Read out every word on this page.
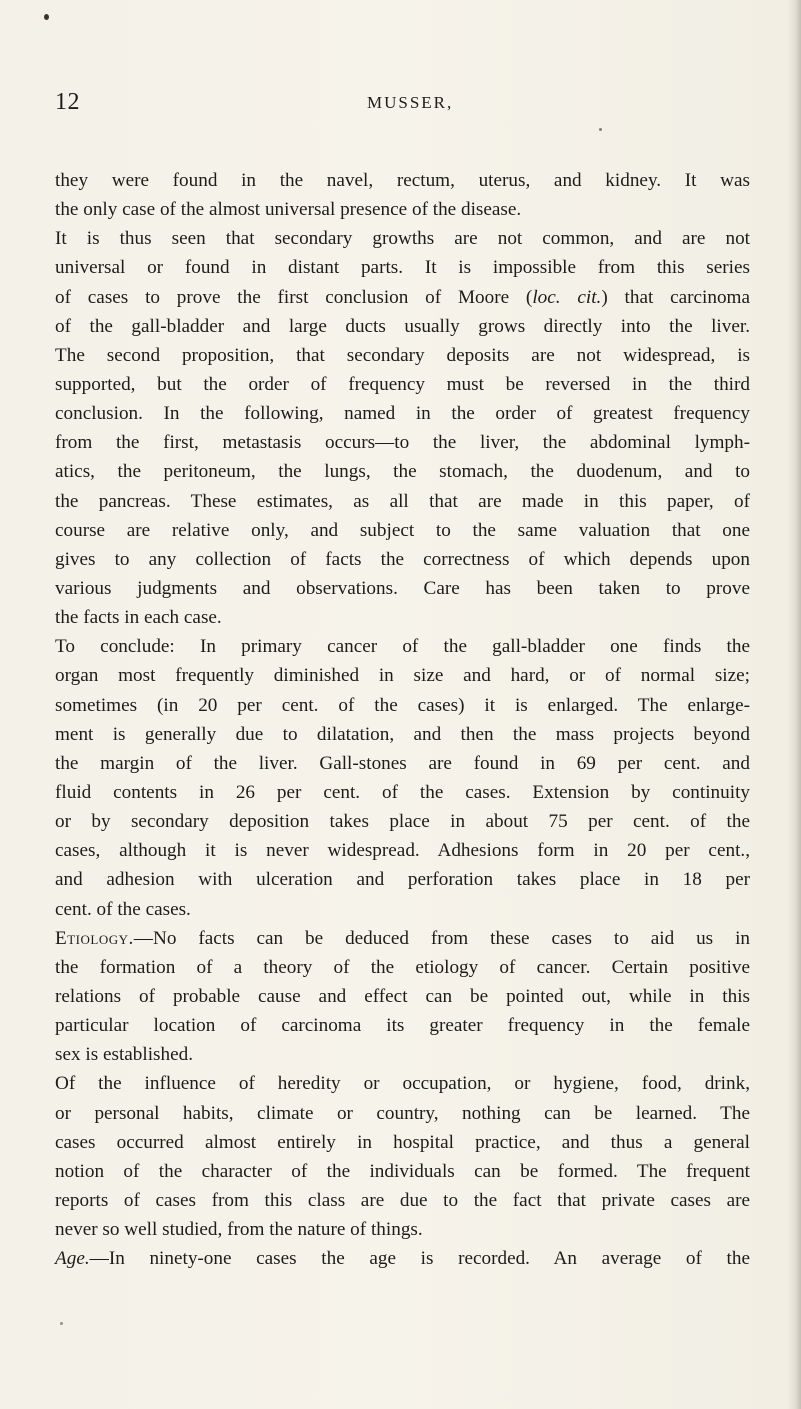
12	MUSSER,
they were found in the navel, rectum, uterus, and kidney. It was
the only case of the almost universal presence of the disease.
It is thus seen that secondary growths are not common, and are not
universal or found in distant parts. It is impossible from this series
of cases to prove the first conclusion of Moore (loc. cit.) that carcinoma
of the gall-bladder and large ducts usually grows directly into the liver.
The second proposition, that secondary deposits are not widespread, is
supported, but the order of frequency must be reversed in the third
conclusion. In the following, named in the order of greatest frequency
from the first, metastasis occurs—to the liver, the abdominal lymph-
atics, the peritoneum, the lungs, the stomach, the duodenum, and to
the pancreas. These estimates, as all that are made in this paper, of
course are relative only, and subject to the same valuation that one
gives to any collection of facts the correctness of which depends upon
various judgments and observations. Care has been taken to prove
the facts in each case.
To conclude: In primary cancer of the gall-bladder one finds the
organ most frequently diminished in size and hard, or of normal size;
sometimes (in 20 per cent. of the cases) it is enlarged. The enlarge-
ment is generally due to dilatation, and then the mass projects beyond
the margin of the liver. Gall-stones are found in 69 per cent. and
fluid contents in 26 per cent. of the cases. Extension by continuity
or by secondary deposition takes place in about 75 per cent. of the
cases, although it is never widespread. Adhesions form in 20 per cent.,
and adhesion with ulceration and perforation takes place in 18 per
cent. of the cases.
Etiology.—No facts can be deduced from these cases to aid us in
the formation of a theory of the etiology of cancer. Certain positive
relations of probable cause and effect can be pointed out, while in this
particular location of carcinoma its greater frequency in the female
sex is established.
Of the influence of heredity or occupation, or hygiene, food, drink,
or personal habits, climate or country, nothing can be learned. The
cases occurred almost entirely in hospital practice, and thus a general
notion of the character of the individuals can be formed. The frequent
reports of cases from this class are due to the fact that private cases are
never so well studied, from the nature of things.
Age.—In ninety-one cases the age is recorded. An average of the
